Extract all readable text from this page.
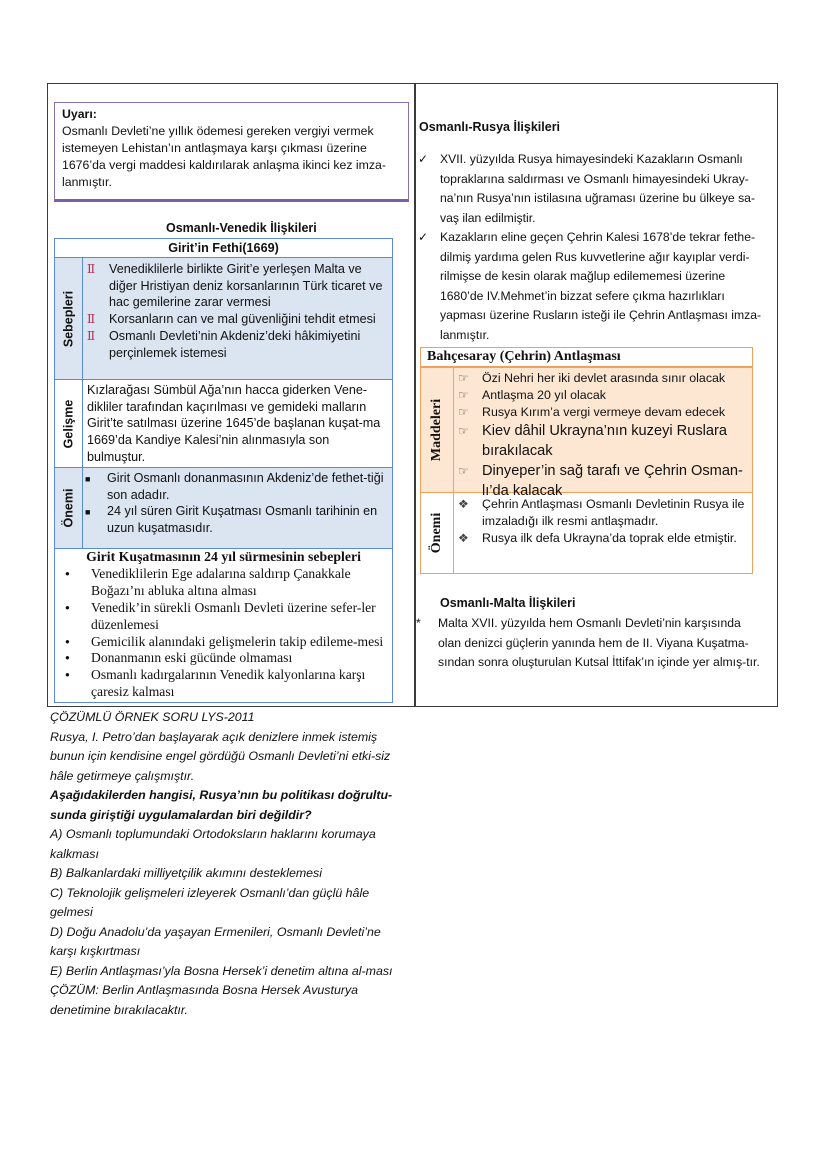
Uyarı:
Osmanlı Devleti’ne yıllık ödemesi gereken vergiyi vermek istemeyen Lehistan’ın antlaşmaya karşı çıkması üzerine 1676’da vergi maddesi kaldırılarak anlaşma ikinci kez imza-lanmıştır.
Osmanlı-Venedik İlişkileri
Girit’in Fethi(1669)
Sebepleri
Ⅱ	Venediklilerle birlikte Girit’e yerleşen Malta ve diğer Hristiyan deniz korsanlarının Türk ticaret ve hac gemilerine zarar vermesi
Ⅱ	Korsanların can ve mal güvenliğini tehdit etmesi
Ⅱ	Osmanlı Devleti’nin Akdeniz’deki hâkimiyetini perçinlemek istemesi
Gelişme
Kızlarağası Sümbül Ağa’nın hacca giderken Vene-dikliler tarafından kaçırılması ve gemideki malların Girit’te satılması üzerine 1645’de başlanan kuşat-ma 1669’da Kandiye Kalesi’nin alınmasıyla son bulmuştur.
Önemi
■	Girit Osmanlı donanmasının Akdeniz’de fethet-tiği son adadır.
■	24 yıl süren Girit Kuşatması Osmanlı tarihinin en uzun kuşatmasıdır.
Girit Kuşatmasının 24 yıl sürmesinin sebepleri
●	Venediklilerin Ege adalarına saldırıp Çanakkale Boğazı’nı abluka altına alması
●	Venedik’in sürekli Osmanlı Devleti üzerine sefer-ler düzenlemesi
●	Gemicilik alanındaki gelişmelerin takip edileme-mesi
●	Donanmanın eski gücünde olmaması
●	Osmanlı kadırgalarının Venedik kalyonlarına karşı çaresiz kalması
Osmanlı-Rusya İlişkileri
✓ XVII. yüzyılda Rusya himayesindeki Kazakların Osmanlı topraklarına saldırması ve Osmanlı himayesindeki Ukray-na’nın Rusya’nın istilasına uğraması üzerine bu ülkeye sa-vaş ilan edilmiştir.
✓ Kazakların eline geçen Çehrin Kalesi 1678’de tekrar fethe-dilmiş yardıma gelen Rus kuvvetlerine ağır kayıplar verdi-rilmişse de kesin olarak mağlup edilememesi üzerine 1680’de IV.Mehmet’in bizzat sefere çıkma hazırlıkları yapması üzerine Rusların isteği ile Çehrin Antlaşması imza-lanmıştır.
Bahçesaray (Çehrin) Antlaşması
Maddeleri
☞	Özi Nehri her iki devlet arasında sınır olacak
☞	Antlaşma 20 yıl olacak
☞	Rusya Kırım’a vergi vermeye devam edecek
☞ Kiev dâhil Ukrayna’nın kuzeyi Ruslara bırakılacak
☞ Dinyeper’in sağ tarafı ve Çehrin Osman-lı’da kalacak
Önemi
❖	Çehrin Antlaşması Osmanlı Devletinin Rusya ile imzaladığı ilk resmi antlaşmadır.
❖	Rusya ilk defa Ukrayna’da toprak elde etmiştir.
Osmanlı-Malta İlişkileri
*	Malta XVII. yüzyılda hem Osmanlı Devleti’nin karşısında olan denizci güçlerin yanında hem de II. Viyana Kuşatma-sından sonra oluşturulan Kutsal İttifak’ın içinde yer almış-tır.
ÇÖZÜMLÜ ÖRNEK SORU LYS-2011
Rusya, I. Petro’dan başlayarak açık denizlere inmek istemiş bunun için kendisine engel gördüğü Osmanlı Devleti’ni etki-siz hâle getirmeye çalışmıştır.
Aşağıdakilerden hangisi, Rusya’nın bu politikası doğrultu-sunda giriştiği uygulamalardan biri değildir?
A) Osmanlı toplumundaki Ortodoksların haklarını korumaya kalkması
B) Balkanlardaki milliyetçilik akımını desteklemesi
C) Teknolojik gelişmeleri izleyerek Osmanlı’dan güçlü hâle gelmesi
D) Doğu Anadolu’da yaşayan Ermenileri, Osmanlı Devleti’ne karşı kışkırtması
E) Berlin Antlaşması’yla Bosna Hersek’i denetim altına al-ması
ÇÖZÜM: Berlin Antlaşmasında Bosna Hersek Avusturya denetimine bırakılacaktır.
